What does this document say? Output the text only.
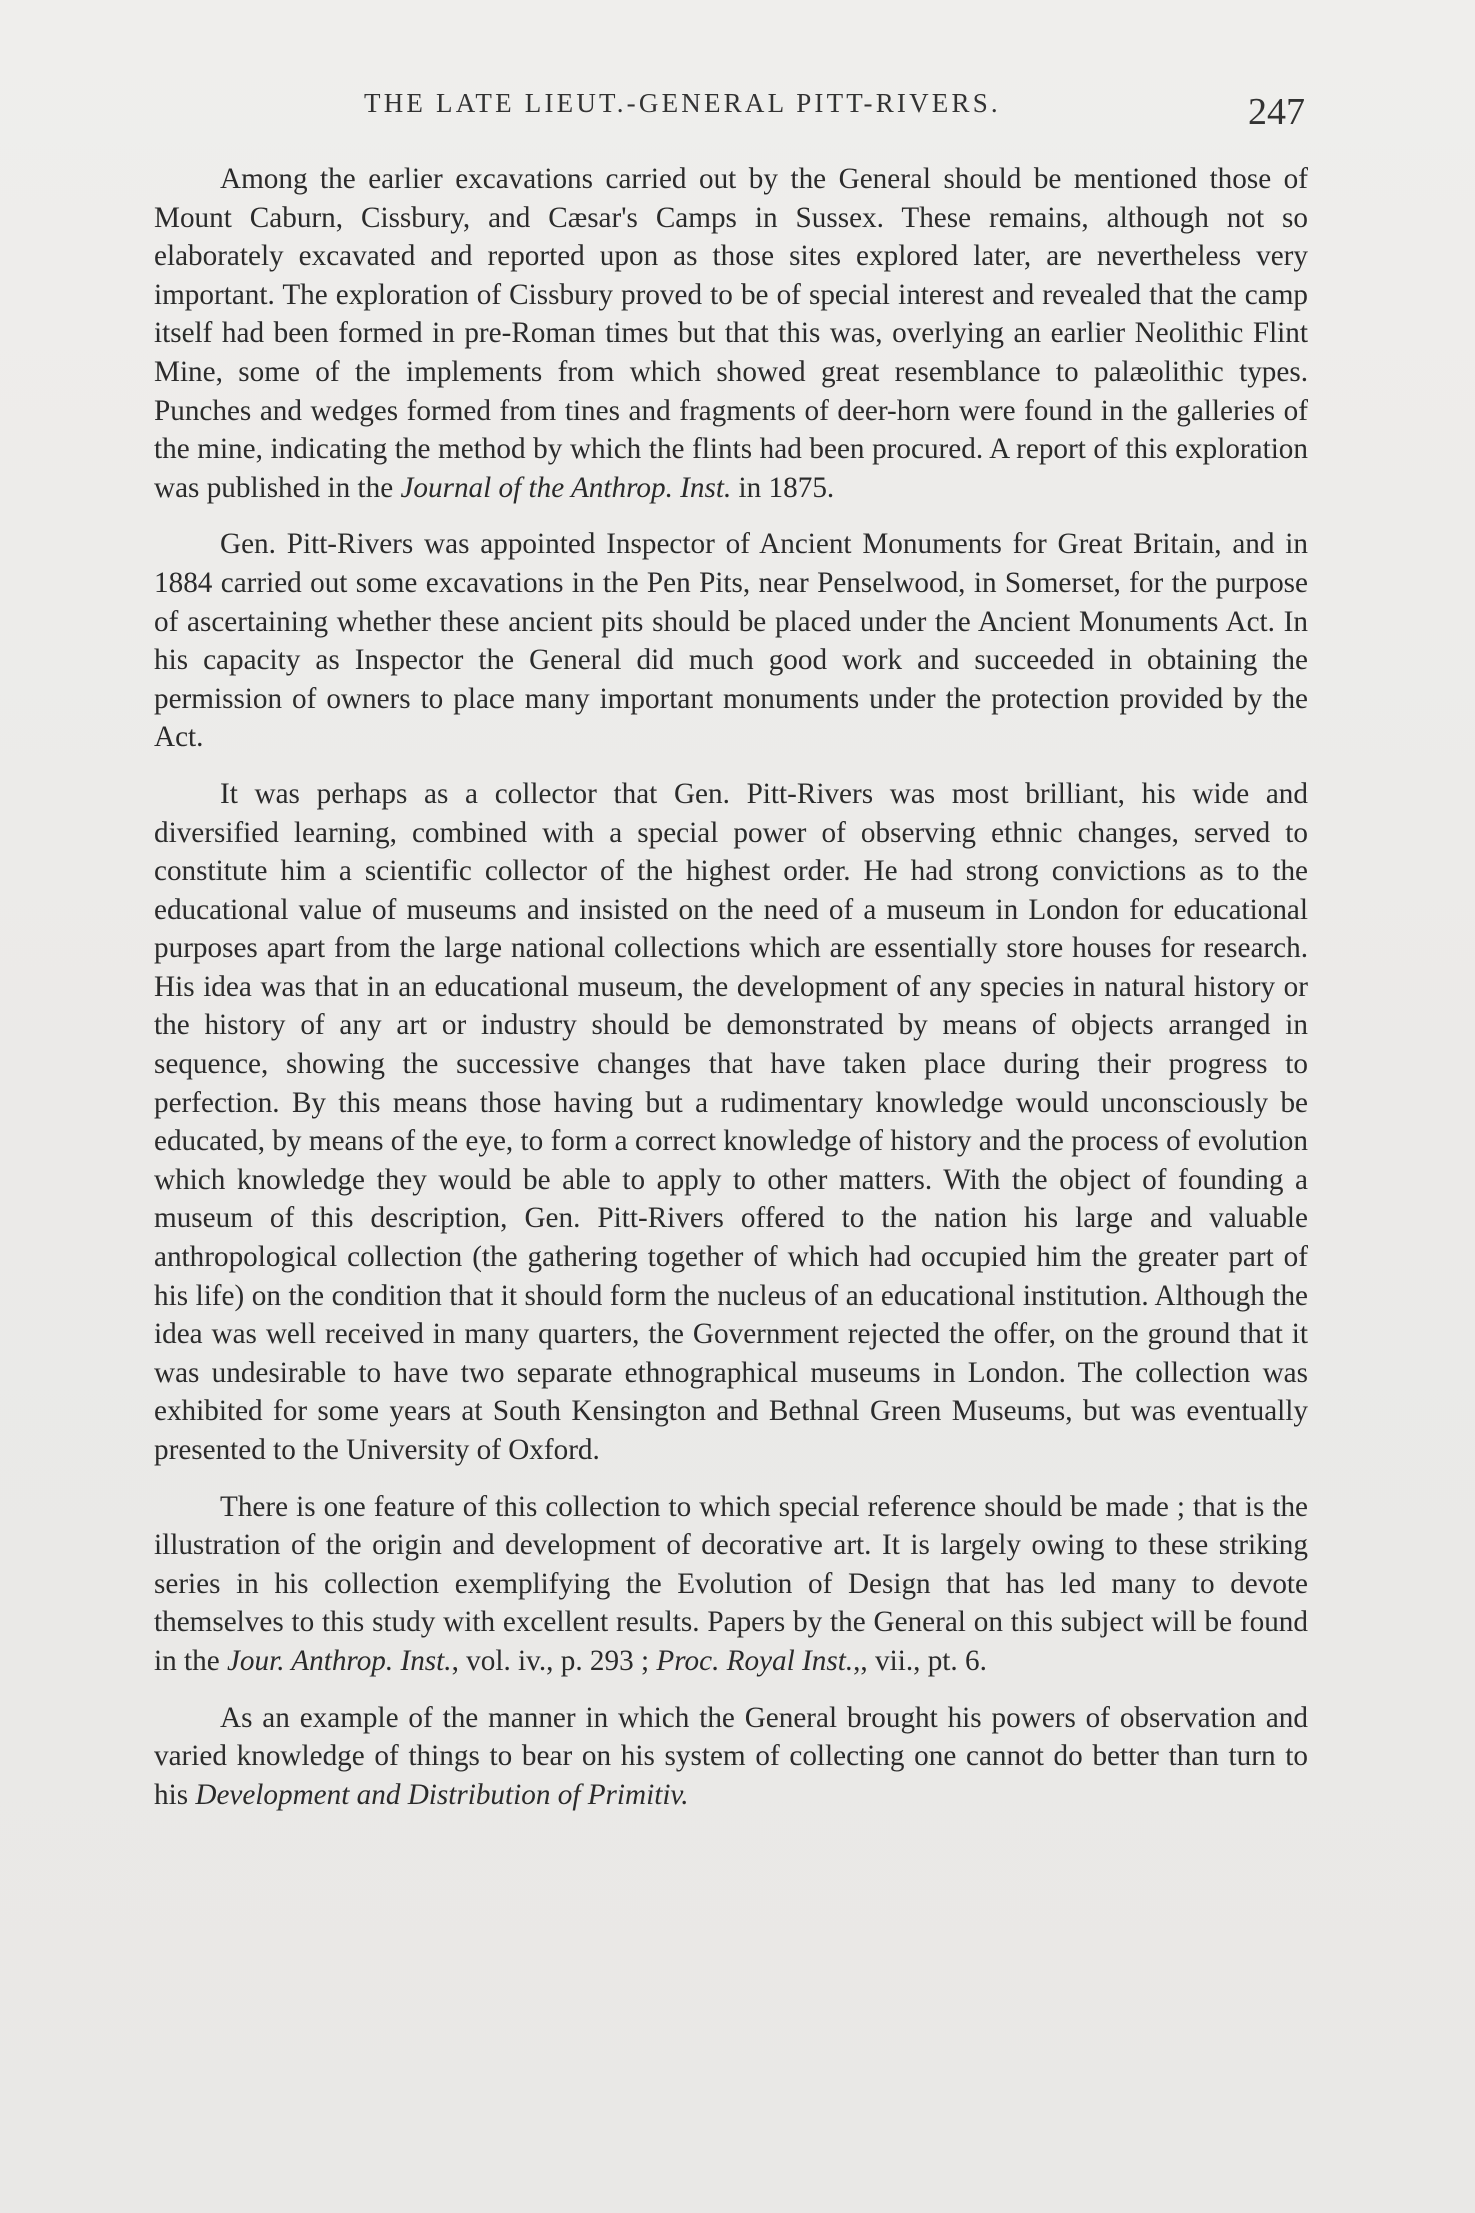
THE LATE LIEUT.-GENERAL PITT-RIVERS.	247

Among the earlier excavations carried out by the General should be mentioned those of Mount Caburn, Cissbury, and Cæsar's Camps in Sussex. These remains, although not so elaborately excavated and reported upon as those sites explored later, are nevertheless very important. The exploration of Cissbury proved to be of special interest and revealed that the camp itself had been formed in pre-Roman times but that this was, overlying an earlier Neolithic Flint Mine, some of the implements from which showed great resemblance to palæolithic types. Punches and wedges formed from tines and fragments of deer-horn were found in the galleries of the mine, indicating the method by which the flints had been procured. A report of this exploration was published in the Journal of the Anthrop. Inst. in 1875.

Gen. Pitt-Rivers was appointed Inspector of Ancient Monuments for Great Britain, and in 1884 carried out some excavations in the Pen Pits, near Penselwood, in Somerset, for the purpose of ascertaining whether these ancient pits should be placed under the Ancient Monuments Act. In his capacity as Inspector the General did much good work and succeeded in obtaining the permission of owners to place many important monuments under the protection provided by the Act.

It was perhaps as a collector that Gen. Pitt-Rivers was most brilliant, his wide and diversified learning, combined with a special power of observing ethnic changes, served to constitute him a scientific collector of the highest order. He had strong convictions as to the educational value of museums and insisted on the need of a museum in London for educational purposes apart from the large national collections which are essentially store houses for research. His idea was that in an educational museum, the development of any species in natural history or the history of any art or industry should be demonstrated by means of objects arranged in sequence, showing the successive changes that have taken place during their progress to perfection. By this means those having but a rudimentary knowledge would unconsciously be educated, by means of the eye, to form a correct knowledge of history and the process of evolution which knowledge they would be able to apply to other matters. With the object of founding a museum of this description, Gen. Pitt-Rivers offered to the nation his large and valuable anthropological collection (the gathering together of which had occupied him the greater part of his life) on the condition that it should form the nucleus of an educational institution. Although the idea was well received in many quarters, the Government rejected the offer, on the ground that it was undesirable to have two separate ethnographical museums in London. The collection was exhibited for some years at South Kensington and Bethnal Green Museums, but was eventually presented to the University of Oxford.

There is one feature of this collection to which special reference should be made ; that is the illustration of the origin and development of decorative art. It is largely owing to these striking series in his collection exemplifying the Evolution of Design that has led many to devote themselves to this study with excellent results. Papers by the General on this subject will be found in the Jour. Anthrop. Inst., vol. iv., p. 293 ; Proc. Royal Inst.,, vii., pt. 6.

As an example of the manner in which the General brought his powers of observation and varied knowledge of things to bear on his system of collecting one cannot do better than turn to his Development and Distribution of Primitiv.
